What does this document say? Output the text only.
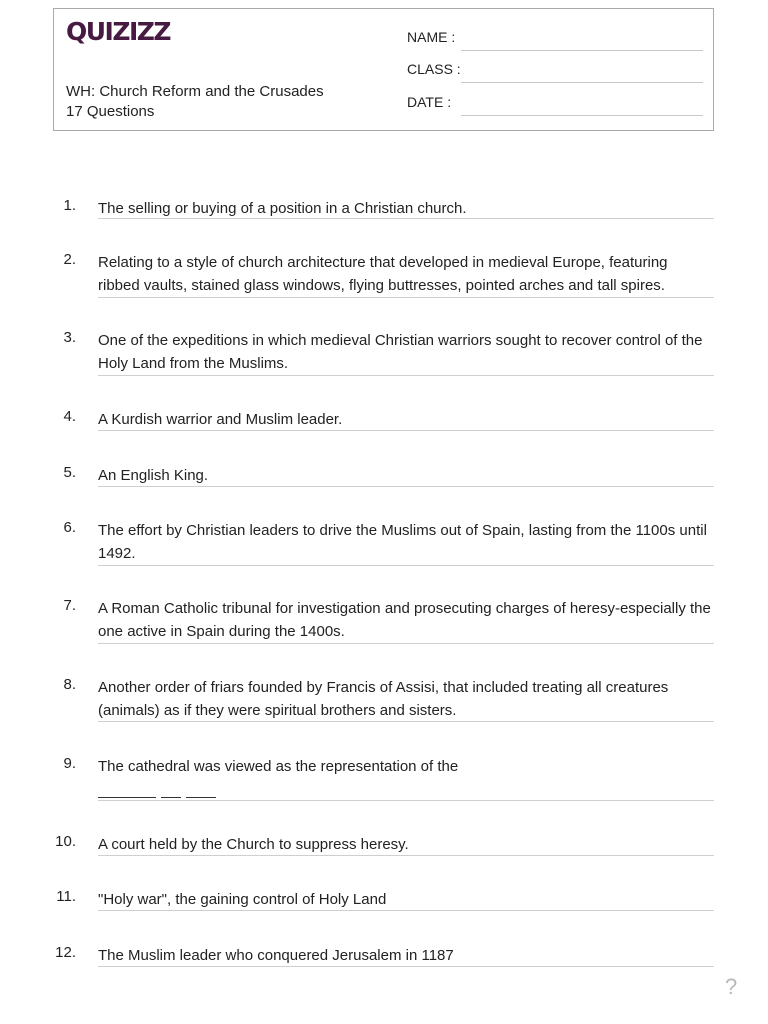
QUIZIZZ
WH: Church Reform and the Crusades
17 Questions
NAME :
CLASS :
DATE :
1. The selling or buying of a position in a Christian church.
2. Relating to a style of church architecture that developed in medieval Europe, featuring ribbed vaults, stained glass windows, flying buttresses, pointed arches and tall spires.
3. One of the expeditions in which medieval Christian warriors sought to recover control of the Holy Land from the Muslims.
4. A Kurdish warrior and Muslim leader.
5. An English King.
6. The effort by Christian leaders to drive the Muslims out of Spain, lasting from the 1100s until 1492.
7. A Roman Catholic tribunal for investigation and prosecuting charges of heresy-especially the one active in Spain during the 1400s.
8. Another order of friars founded by Francis of Assisi, that included treating all creatures (animals) as if they were spiritual brothers and sisters.
9. The cathedral was viewed as the representation of the
10. A court held by the Church to suppress heresy.
11. "Holy war", the gaining control of Holy Land
12. The Muslim leader who conquered Jerusalem in 1187
?
